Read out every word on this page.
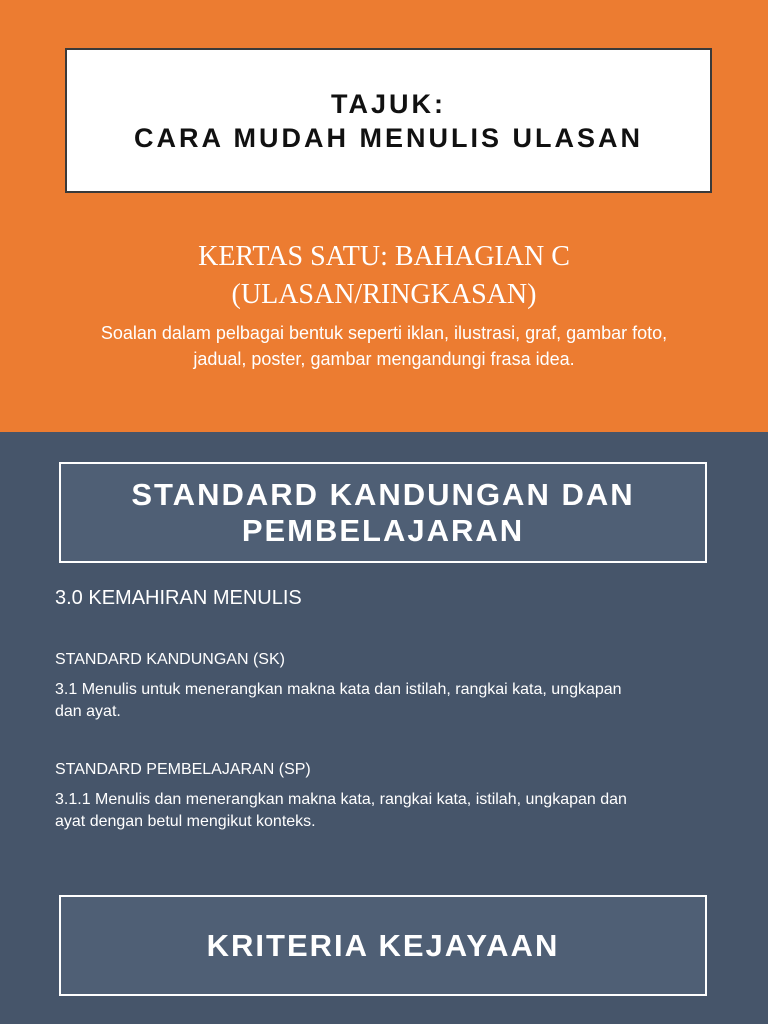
TAJUK:
CARA MUDAH MENULIS ULASAN
KERTAS SATU: BAHAGIAN C
(ULASAN/RINGKASAN)
Soalan dalam pelbagai bentuk seperti iklan, ilustrasi, graf, gambar foto,
jadual, poster, gambar mengandungi frasa idea.
STANDARD KANDUNGAN DAN
PEMBELAJARAN
3.0 KEMAHIRAN MENULIS
STANDARD KANDUNGAN (SK)
3.1 Menulis untuk menerangkan makna kata dan istilah, rangkai kata, ungkapan
dan ayat.
STANDARD PEMBELAJARAN (SP)
3.1.1 Menulis dan menerangkan makna kata, rangkai kata, istilah, ungkapan dan
ayat dengan betul mengikut konteks.
KRITERIA KEJAYAAN
